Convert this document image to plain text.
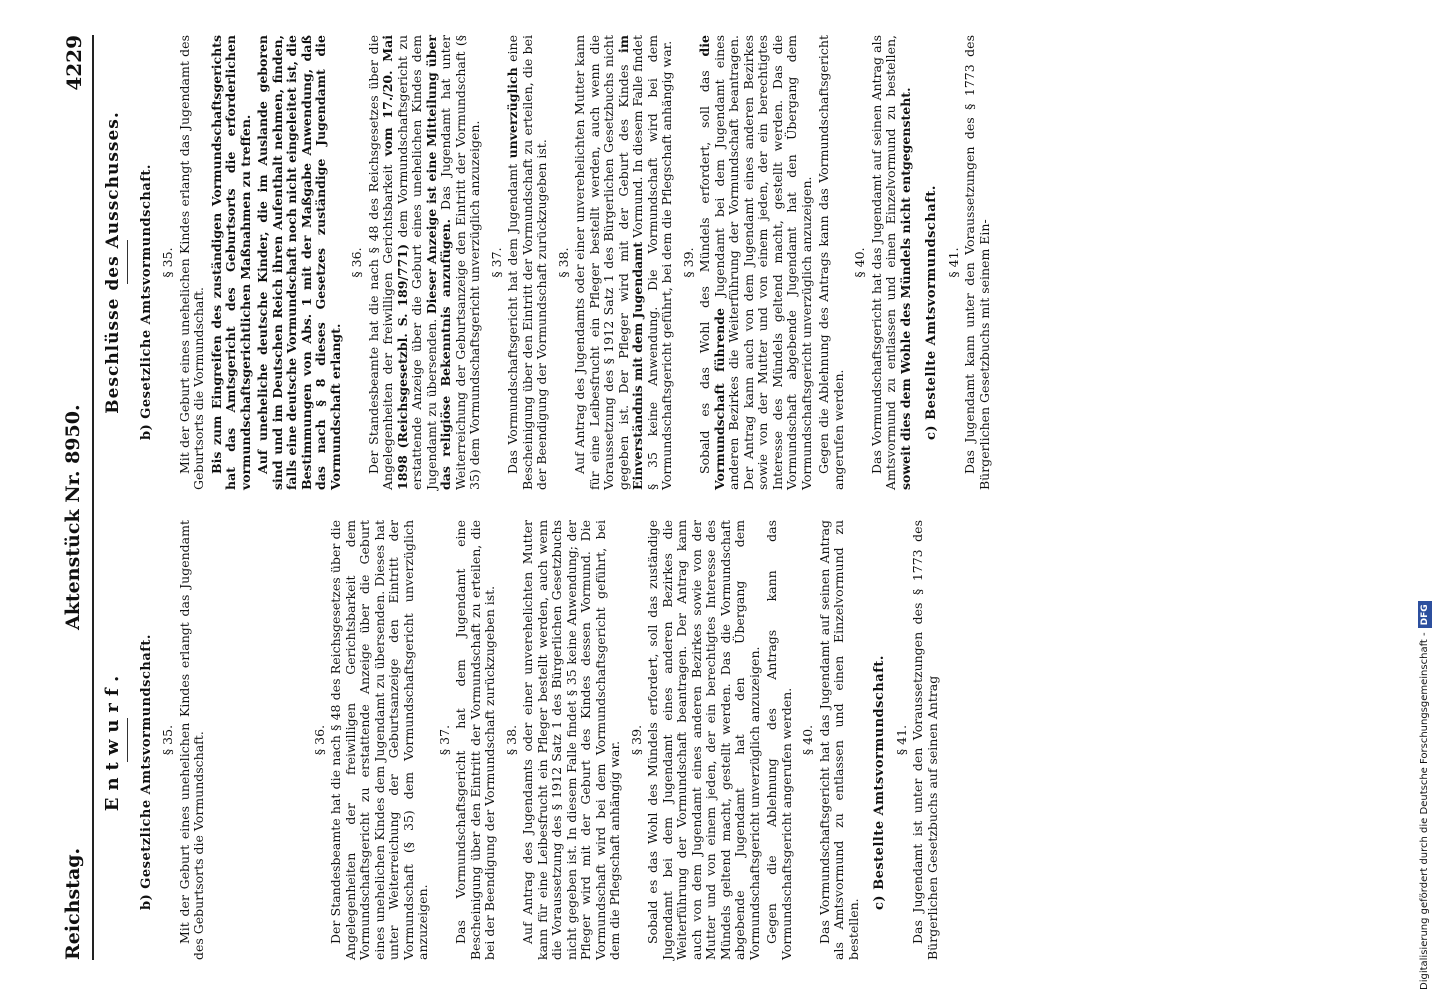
Reichstag.
Aktenstück Nr. 8950.
4229
Entwurf. b) Gesetzliche Amtsvormundschaft. § 35. Mit der Geburt eines unehelichen Kindes erlangt das Jugendamt des Geburtsorts die Vormundschaft.	§ 36. Der Standesbeamte hat die nach § 48 des Reichsgesetzes über die Angelegenheiten der freiwilligen Gerichtsbarkeit dem Vormundschaftsgericht zu erstattende Anzeige über die Geburt eines unehelichen Kindes dem Jugendamt zu übersenden. Dieses hat unter Weiterreichung der Geburtsanzeige den Eintritt der Vormundschaft (§ 35) dem Vormundschaftsgericht unverzüglich anzuzeigen.

§ 37. Das Vormundschaftsgericht hat dem Jugendamt eine Bescheinigung über den Eintritt der Vormundschaft zu erteilen, die bei der Beendigung der Vormundschaft zurückzugeben ist. § 38. Auf Antrag des Jugendamts oder einer unverehelichten Mutter kann für eine Leibesfrucht ein Pfleger bestellt werden, auch wenn die Voraussetzung des § 1912 Satz 1 des Bürgerlichen Gesetzbuchs nicht gegeben ist. In diesem Falle findet § 35 keine Anwendung; der Pfleger wird mit der Geburt des Kindes dessen Vormund. Die Vormundschaft wird bei dem Vormundschaftsgericht geführt, bei dem die Pflegschaft anhängig war.

§ 39. Sobald es das Wohl des Mündels erfordert, soll das zuständige Jugendamt bei dem Jugendamt eines anderen Bezirkes die Weiterführung der Vormundschaft beantragen. Der Antrag kann auch von dem Jugendamt eines anderen Bezirkes sowie von der Mutter und von einem jeden, der ein berechtigtes Interesse des Mündels geltend macht, gestellt werden. Das die Vormundschaft abgebende Jugendamt hat den Übergang dem Vormundschaftsgericht unverzüglich anzuzeigen. Gegen die Ablehnung des Antrags kann das Vormundschaftsgericht angerufen werden. § 40. Das Vormundschaftsgericht hat das Jugendamt auf seinen Antrag als Amtsvormund zu entlassen und einen Einzelvormund zu bestellen.

c) Bestellte Amtsvormundschaft. § 41. Das Jugendamt ist unter den Voraussetzungen des § 1773 des Bürgerlichen Gesetzbuchs auf seinen Antrag

Beschlüsse des Ausschusses. b) Gesetzliche Amtsvormundschaft. § 35. Mit der Geburt eines unehelichen Kindes erlangt das Jugendamt des Geburtsorts die Vormundschaft. Bis zum Eingreifen des zuständigen Vormundschaftsgerichts hat das Amtsgericht des Geburtsorts die erforderlichen vormundschaftsgerichtlichen Maßnahmen zu treffen. Auf uneheliche deutsche Kinder, die im Auslande geboren sind und im Deutschen Reich ihren Aufenthalt nehmen, finden, falls eine deutsche Vormundschaft noch nicht eingeleitet ist, die Bestimmungen von Abs. 1 mit der Maßgabe Anwendung, daß das nach § 8 dieses Gesetzes zuständige Jugendamt die Vormundschaft erlangt.

§ 36. Der Standesbeamte hat die nach § 48 des Reichsgesetzes über die Angelegenheiten der freiwilligen Gerichtsbarkeit vom 17./20. Mai 1898 (Reichsgesetzbl. S. 189/771) dem Vormundschaftsgericht zu erstattende Anzeige über die Geburt eines unehelichen Kindes dem Jugendamt zu übersenden. Dieser Anzeige ist eine Mitteilung über das religiöse Bekenntnis anzufügen. Das Jugendamt hat unter Weiterreichung der Geburtsanzeige den Eintritt der Vormundschaft (§ 35) dem Vormundschaftsgericht unverzüglich anzuzeigen. § 37. Das Vormundschaftsgericht hat dem Jugendamt unverzüglich eine Bescheinigung über den Eintritt der Vormundschaft zu erteilen, die bei der Beendigung der Vormundschaft zurückzugeben ist. § 38. Auf Antrag des Jugendamts oder einer unverehelichten Mutter kann für eine Leibesfrucht ein Pfleger bestellt werden, auch wenn die Voraussetzung des § 1912 Satz 1 des Bürgerlichen Gesetzbuchs nicht gegeben ist. Der Pfleger wird mit der Geburt des Kindes im Einverständnis mit dem Jugendamt Vormund. In diesem Falle findet § 35 keine Anwendung. Die Vormundschaft wird bei dem Vormundschaftsgericht geführt, bei dem die Pflegschaft anhängig war. § 39. Sobald es das Wohl des Mündels erfordert, soll das die Vormundschaft führende Jugendamt bei dem Jugendamt eines anderen Bezirkes die Weiterführung der Vormundschaft beantragen. Der Antrag kann auch von dem Jugendamt eines anderen Bezirkes sowie von der Mutter und von einem jeden, der ein berechtigtes Interesse des Mündels geltend macht, gestellt werden. Das die Vormundschaft abgebende Jugendamt hat den Übergang dem Vormundschaftsgericht unverzüglich anzuzeigen. Gegen die Ablehnung des Antrags kann das Vormundschaftsgericht angerufen werden.

§ 40. Das Vormundschaftsgericht hat das Jugendamt auf seinen Antrag als Amtsvormund zu entlassen und einen Einzelvormund zu bestellen, soweit dies dem Wohle des Mündels nicht entgegensteht. c) Bestellte Amtsvormundschaft. § 41. Das Jugendamt kann unter den Voraussetzungen des § 1773 des Bürgerlichen Gesetzbuchs mit seinem Ein-

Digitalisierung gefördert durch die Deutsche Forschungsgemeinschaft -DFG
